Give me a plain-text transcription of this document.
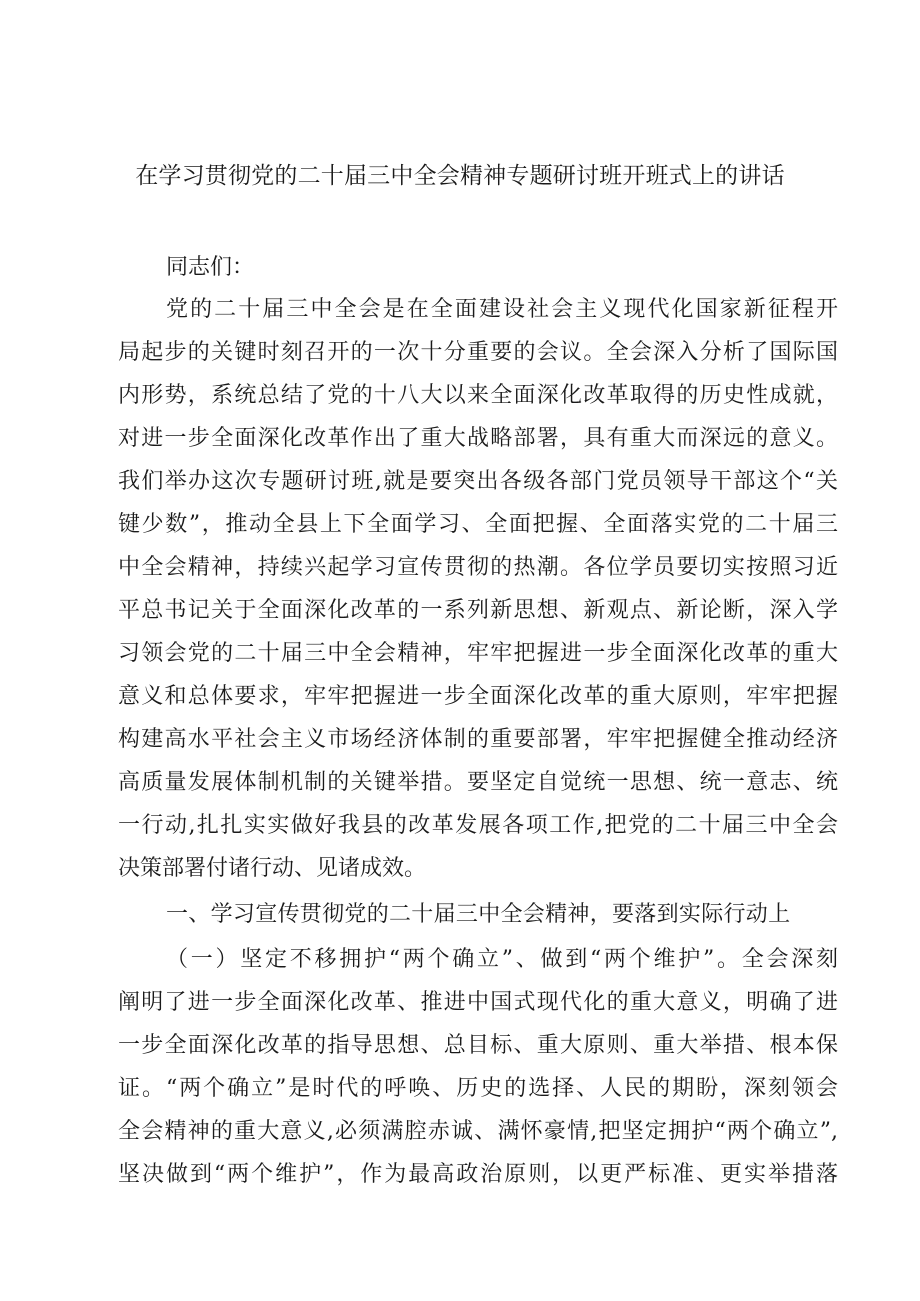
在学习贯彻党的二十届三中全会精神专题研讨班开班式上的讲话
同志们：
党的二十届三中全会是在全面建设社会主义现代化国家新征程开
局起步的关键时刻召开的一次十分重要的会议。全会深入分析了国际国
内形势，系统总结了党的十八大以来全面深化改革取得的历史性成就，
对进一步全面深化改革作出了重大战略部署，具有重大而深远的意义。
我们举办这次专题研讨班,就是要突出各级各部门党员领导干部这个“关
键少数”，推动全县上下全面学习、全面把握、全面落实党的二十届三
中全会精神，持续兴起学习宣传贯彻的热潮。各位学员要切实按照习近
平总书记关于全面深化改革的一系列新思想、新观点、新论断，深入学
习领会党的二十届三中全会精神，牢牢把握进一步全面深化改革的重大
意义和总体要求，牢牢把握进一步全面深化改革的重大原则，牢牢把握
构建高水平社会主义市场经济体制的重要部署，牢牢把握健全推动经济
高质量发展体制机制的关键举措。要坚定自觉统一思想、统一意志、统
一行动,扎扎实实做好我县的改革发展各项工作,把党的二十届三中全会
决策部署付诸行动、见诸成效。
一、学习宣传贯彻党的二十届三中全会精神，要落到实际行动上
（一）坚定不移拥护“两个确立”、做到“两个维护”。全会深刻
阐明了进一步全面深化改革、推进中国式现代化的重大意义，明确了进
一步全面深化改革的指导思想、总目标、重大原则、重大举措、根本保
证。“两个确立”是时代的呼唤、历史的选择、人民的期盼，深刻领会
全会精神的重大意义,必须满腔赤诚、满怀豪情,把坚定拥护“两个确立”,
坚决做到“两个维护”，作为最高政治原则，以更严标准、更实举措落
